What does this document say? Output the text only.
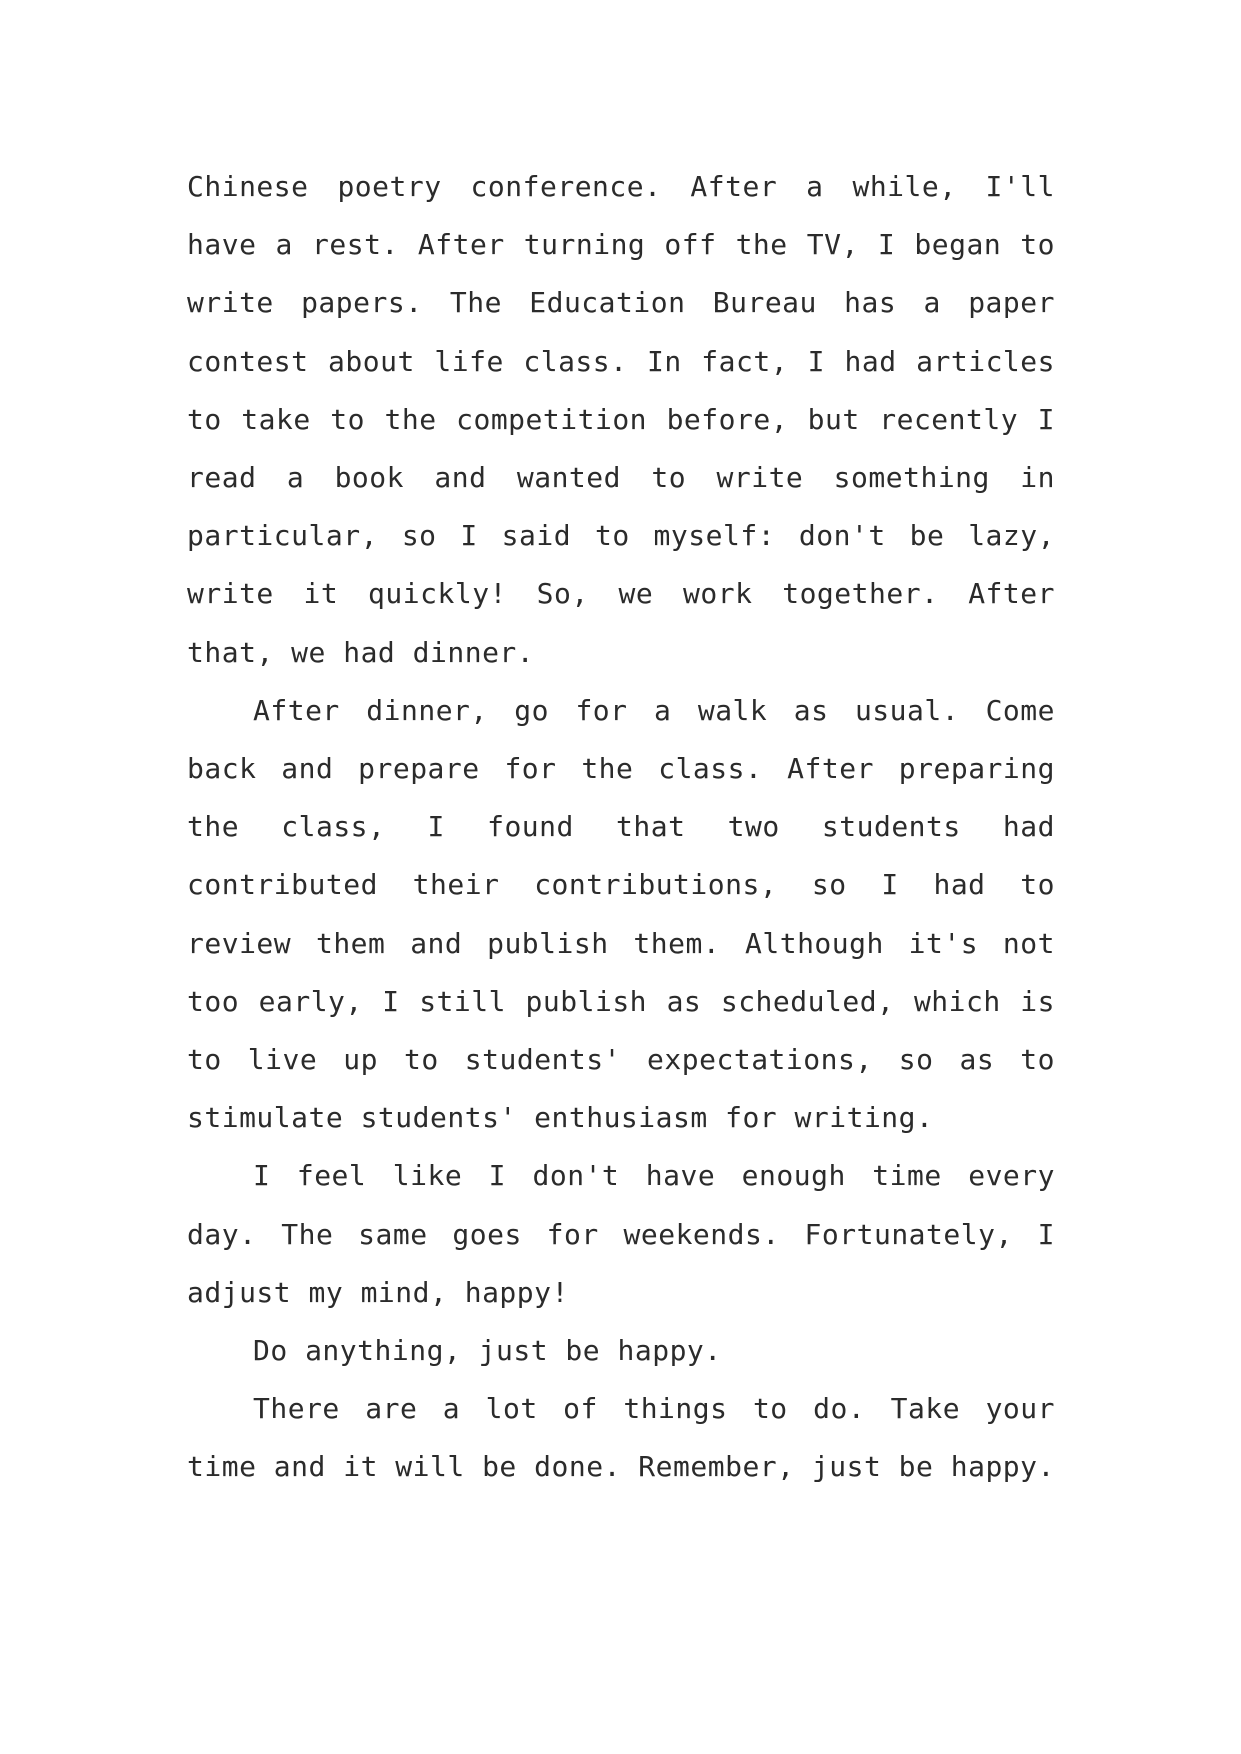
Chinese poetry conference. After a while, I'll have a rest. After turning off the TV, I began to write papers. The Education Bureau has a paper contest about life class. In fact, I had articles to take to the competition before, but recently I read a book and wanted to write something in particular, so I said to myself: don't be lazy, write it quickly! So, we work together. After that, we had dinner.

After dinner, go for a walk as usual. Come back and prepare for the class. After preparing the class, I found that two students had contributed their contributions, so I had to review them and publish them. Although it's not too early, I still publish as scheduled, which is to live up to students' expectations, so as to stimulate students' enthusiasm for writing.

I feel like I don't have enough time every day. The same goes for weekends. Fortunately, I adjust my mind, happy!

Do anything, just be happy.

There are a lot of things to do. Take your time and it will be done. Remember, just be happy.
